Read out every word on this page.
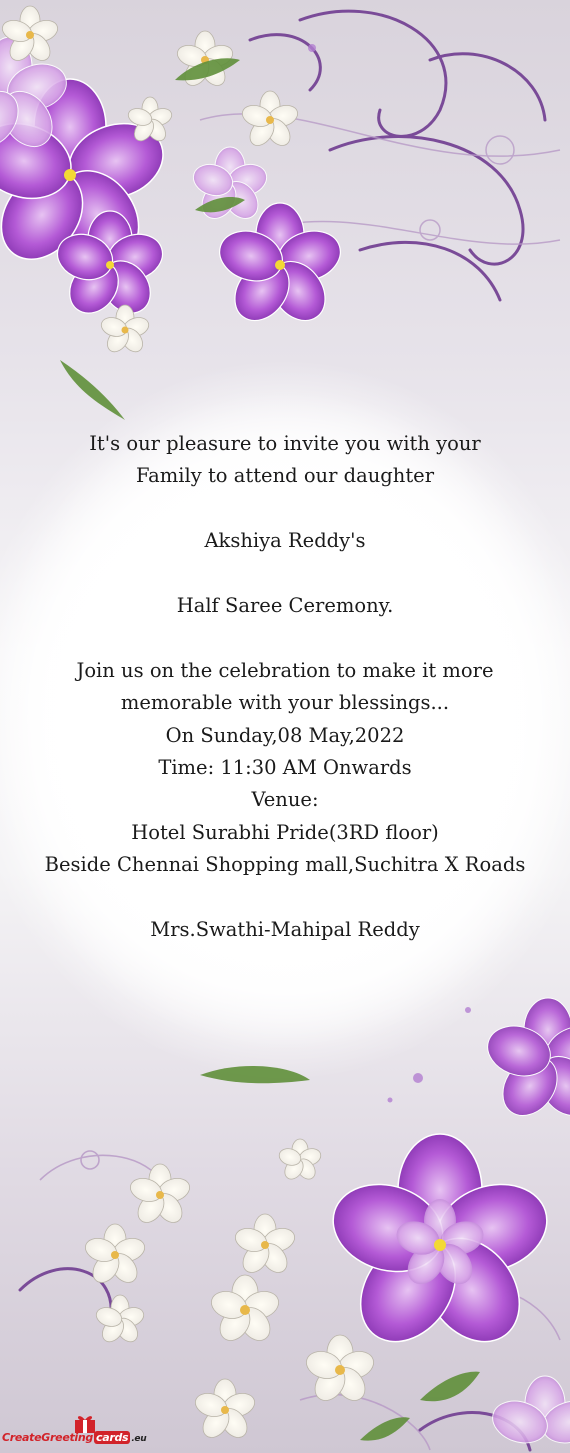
It's our pleasure to invite you with your
Family to attend our daughter
Akshiya Reddy's
Half Saree Ceremony.
Join us on the celebration to make it more
memorable with your blessings...
On Sunday,08 May,2022
Time: 11:30 AM Onwards
Venue:
Hotel Surabhi Pride(3RD floor)
Beside Chennai Shopping mall,Suchitra X Roads
Mrs.Swathi-Mahipal Reddy
CreateGreeting cards .eu
